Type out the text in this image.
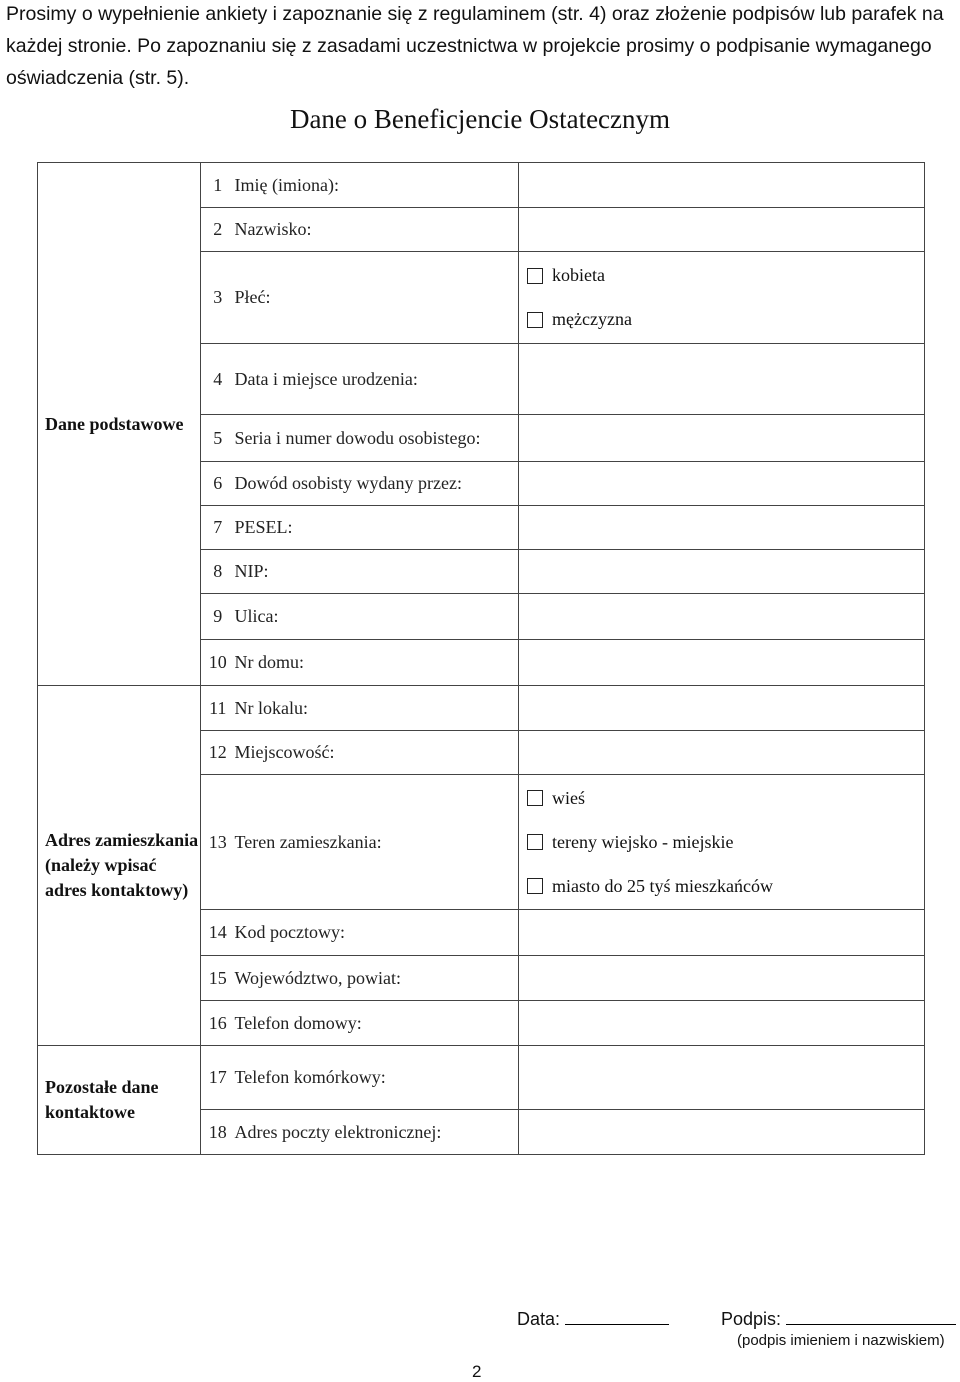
Prosimy o wypełnienie ankiety i zapoznanie się z regulaminem (str. 4) oraz złożenie podpisów lub parafek na każdej stronie. Po zapoznaniu się z zasadami uczestnictwa w projekcie prosimy o podpisanie wymaganego oświadczenia (str. 5).
Dane o Beneficjencie Ostatecznym
Dane podstawowe	1	Imię (imiona):	
	2	Nazwisko:	
	3	Płeć:	kobieta
mężczyzna

	4	Data i miejsce urodzenia:	
	5	Seria i numer dowodu osobistego:	
	6	Dowód osobisty wydany przez:	
	7	PESEL:	
	8	NIP:	
	9	Ulica:	
	10	Nr domu:	
Adres zamieszkania (należy wpisać adres kontaktowy)	11	Nr lokalu:	
	12	Miejscowość:	
	13	Teren zamieszkania:	wieś
tereny wiejsko - miejskie
miasto do 25 tyś mieszkańców

	14	Kod pocztowy:	
	15	Województwo, powiat:	
	16	Telefon domowy:	
Pozostałe dane kontaktowe	17	Telefon komórkowy:	
	18	Adres poczty elektronicznej:	
Data:	Podpis:
(podpis imieniem i nazwiskiem)
2
